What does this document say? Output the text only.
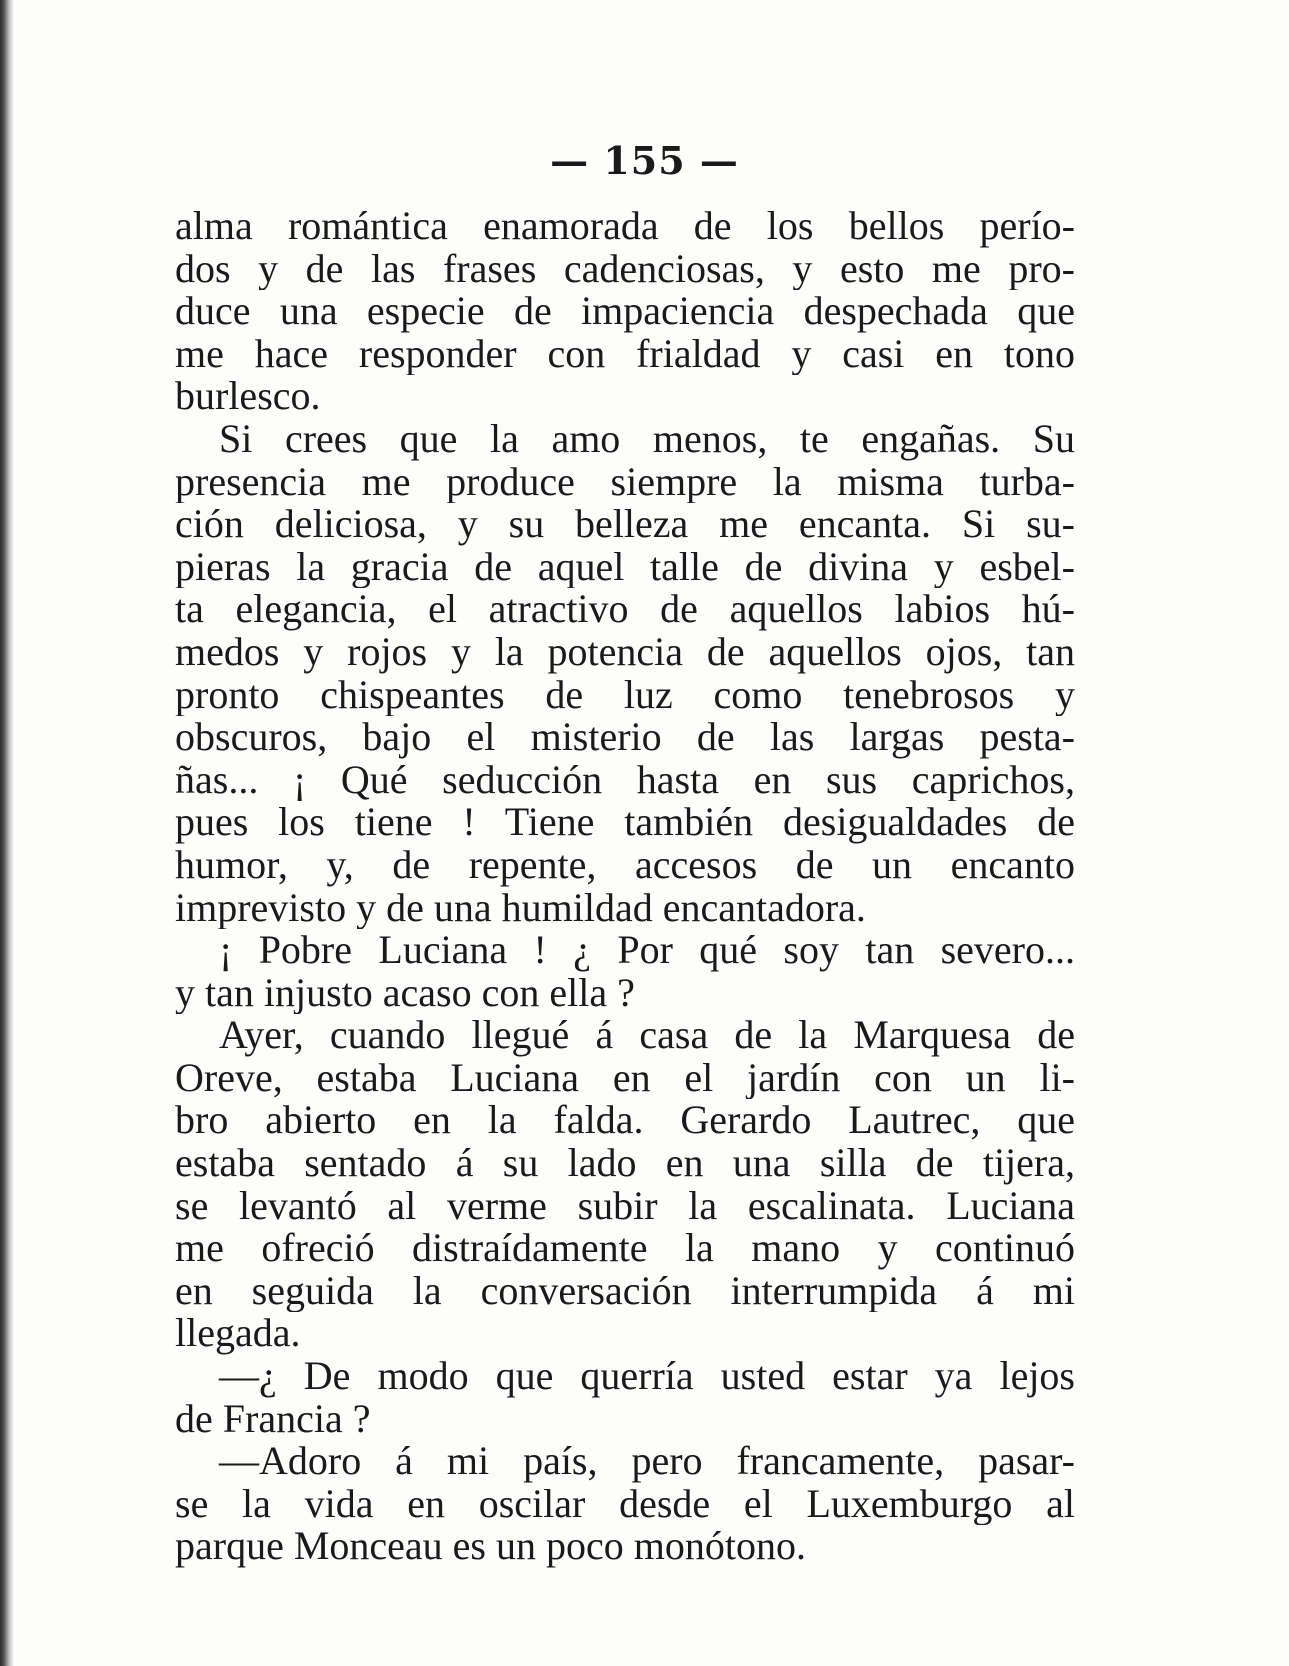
— 155 —
alma romántica enamorada de los bellos perío-
dos y de las frases cadenciosas, y esto me pro-
duce una especie de impaciencia despechada que
me hace responder con frialdad y casi en tono
burlesco.
Si crees que la amo menos, te engañas. Su
presencia me produce siempre la misma turba-
ción deliciosa, y su belleza me encanta. Si su-
pieras la gracia de aquel talle de divina y esbel-
ta elegancia, el atractivo de aquellos labios hú-
medos y rojos y la potencia de aquellos ojos, tan
pronto chispeantes de luz como tenebrosos y
obscuros, bajo el misterio de las largas pesta-
ñas... ¡ Qué seducción hasta en sus caprichos,
pues los tiene ! Tiene también desigualdades de
humor, y, de repente, accesos de un encanto
imprevisto y de una humildad encantadora.
¡ Pobre Luciana ! ¿ Por qué soy tan severo...
y tan injusto acaso con ella ?
Ayer, cuando llegué á casa de la Marquesa de
Oreve, estaba Luciana en el jardín con un li-
bro abierto en la falda. Gerardo Lautrec, que
estaba sentado á su lado en una silla de tijera,
se levantó al verme subir la escalinata. Luciana
me ofreció distraídamente la mano y continuó
en seguida la conversación interrumpida á mi
llegada.
—¿ De modo que querría usted estar ya lejos
de Francia ?
—Adoro á mi país, pero francamente, pasar-
se la vida en oscilar desde el Luxemburgo al
parque Monceau es un poco monótono.
